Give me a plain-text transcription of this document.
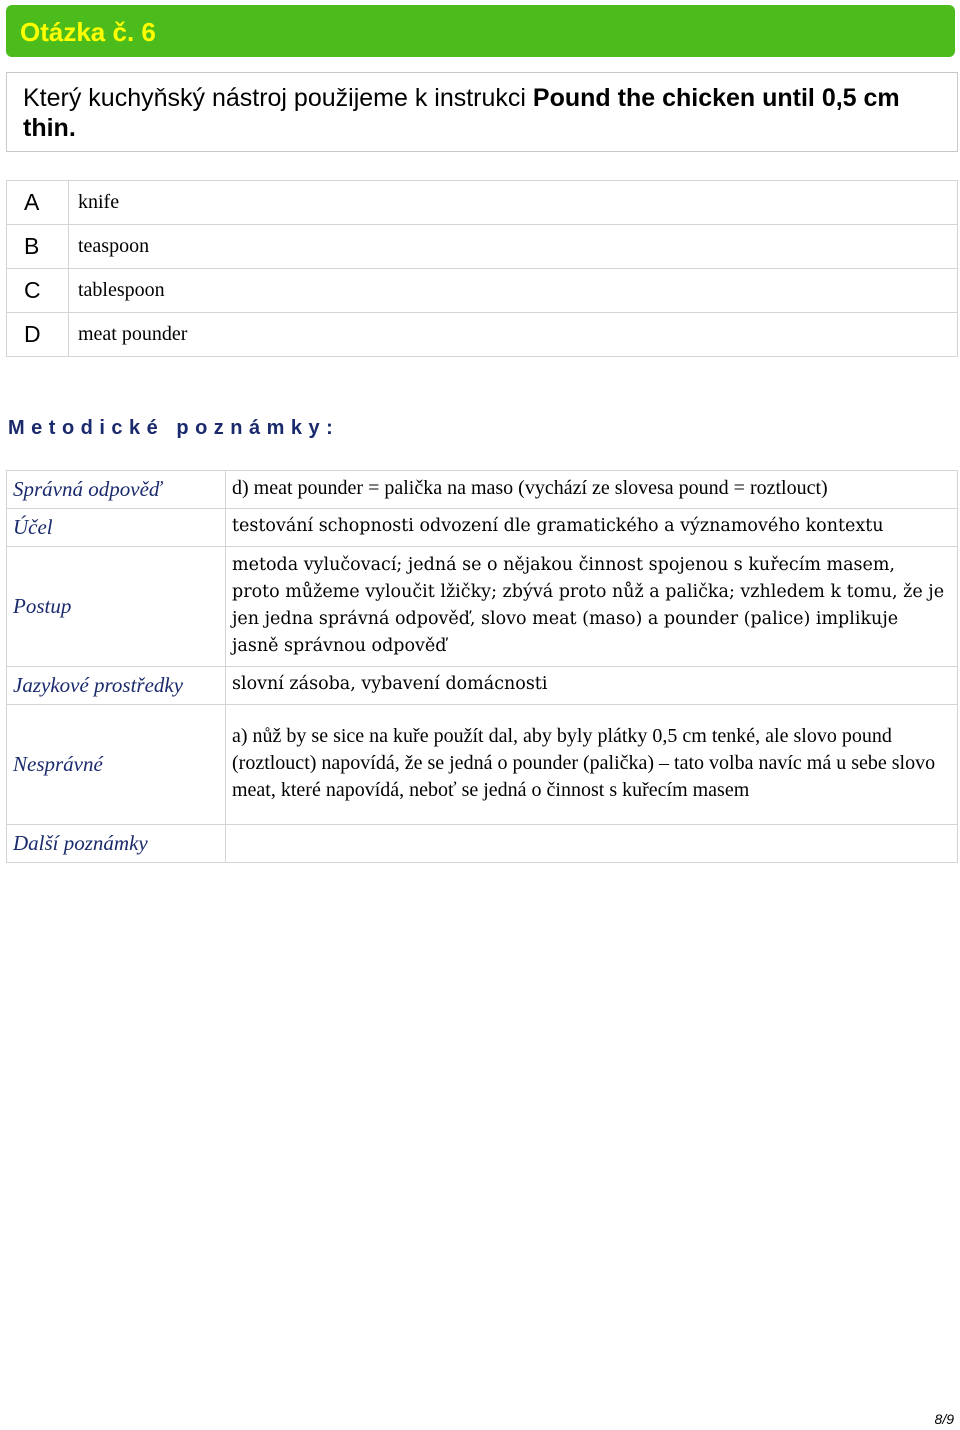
Otázka č. 6
Který kuchyňský nástroj použijeme k instrukci Pound the chicken until 0,5 cm thin.
A	knife
B	teaspoon
C	tablespoon
D	meat pounder
Metodické poznámky:
Správná odpověď	d) meat pounder = palička na maso (vychází ze slovesa pound = roztlouct)
Účel	testování schopnosti odvození dle gramatického a významového kontextu
Postup	metoda vylučovací; jedná se o nějakou činnost spojenou s kuřecím masem, proto můžeme vyloučit lžičky; zbývá proto nůž a palička; vzhledem k tomu, že je jen jedna správná odpověď, slovo meat (maso) a pounder (palice) implikuje jasně správnou odpověď
Jazykové prostředky	slovní zásoba, vybavení domácnosti
Nesprávné	a) nůž by se sice na kuře použít dal, aby byly plátky 0,5 cm tenké, ale slovo pound (roztlouct) napovídá, že se jedná o pounder (palička) – tato volba navíc má u sebe slovo meat, které napovídá, neboť se jedná o činnost s kuřecím masem
Další poznámky	
8/9
